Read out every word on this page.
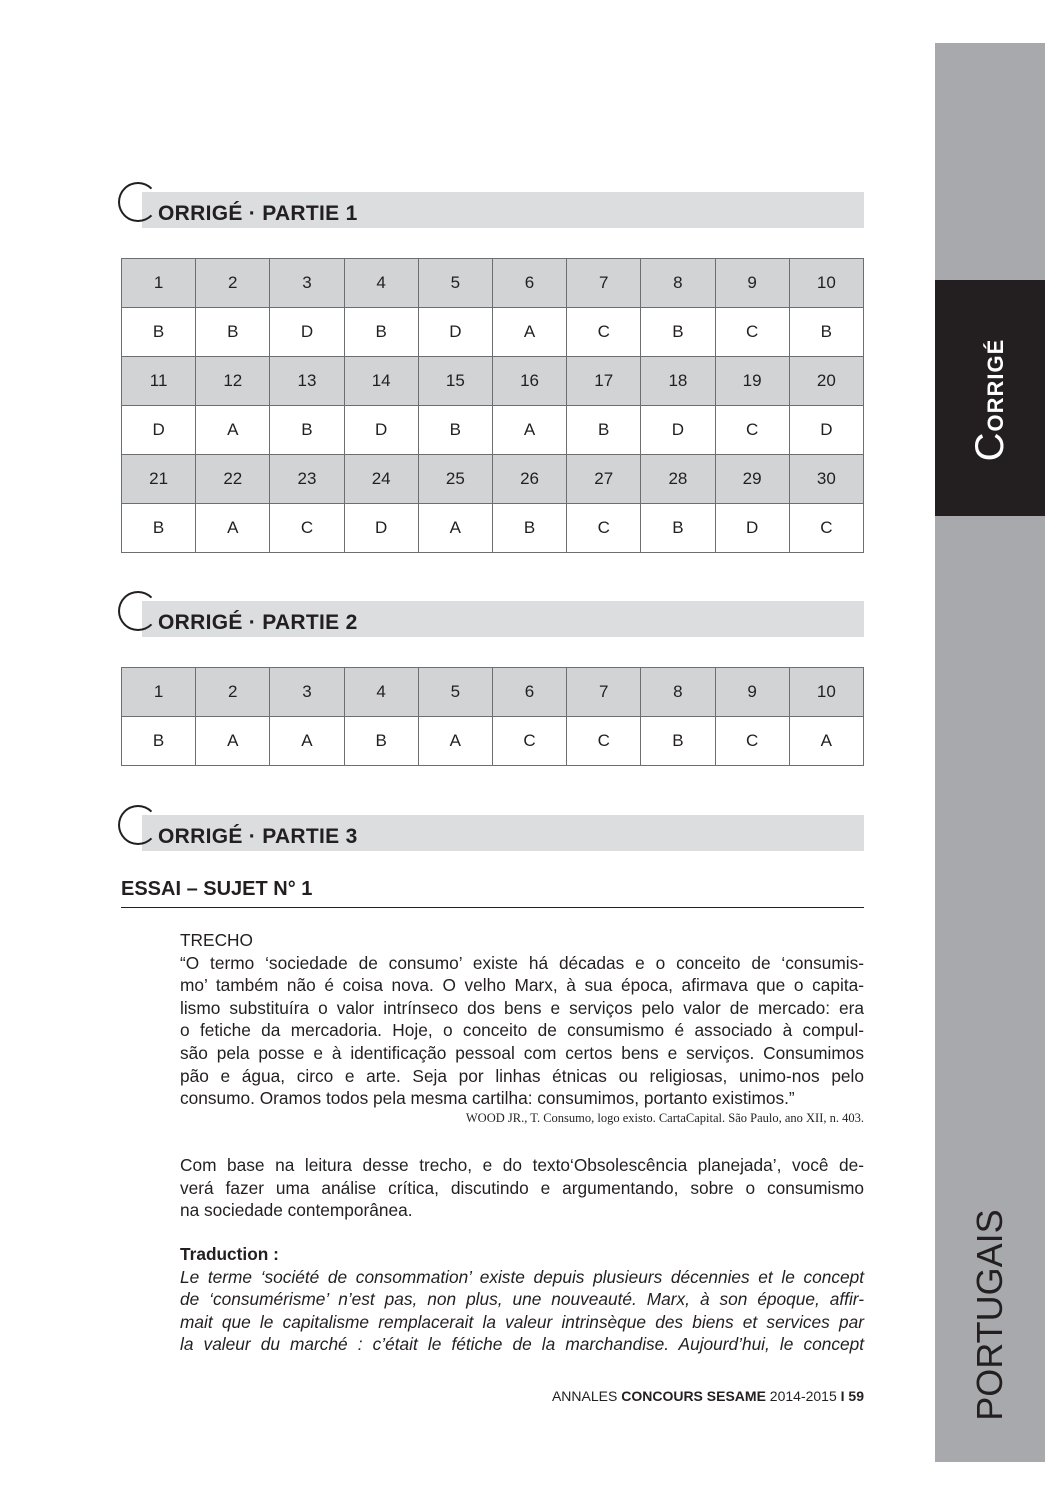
CORRIGÉ
PORTUGAIS
ORRIGÉ · PARTIE 1
1	2	3	4	5	6	7	8	9	10
B	B	D	B	D	A	C	B	C	B
11	12	13	14	15	16	17	18	19	20
D	A	B	D	B	A	B	D	C	D
21	22	23	24	25	26	27	28	29	30
B	A	C	D	A	B	C	B	D	C
ORRIGÉ · PARTIE 2
1	2	3	4	5	6	7	8	9	10
B	A	A	B	A	C	C	B	C	A
ORRIGÉ · PARTIE 3
ESSAI – SUJET N° 1
TRECHO
“O termo ‘sociedade de consumo’ existe há décadas e o conceito de ‘consumis-
mo’ também não é coisa nova. O velho Marx, à sua época, afirmava que o capita-
lismo substituíra o valor intrínseco dos bens e serviços pelo valor de mercado: era
o fetiche da mercadoria. Hoje, o conceito de consumismo é associado à compul-
são pela posse e à identificação pessoal com certos bens e serviços. Consumimos
pão e água, circo e arte. Seja por linhas étnicas ou religiosas, unimo-nos pelo
consumo. Oramos todos pela mesma cartilha: consumimos, portanto existimos.”
WOOD JR., T. Consumo, logo existo. CartaCapital. São Paulo, ano XII, n. 403.
Com base na leitura desse trecho, e do texto‘Obsolescência planejada’, você de-
verá fazer uma análise crítica, discutindo e argumentando, sobre o consumismo
na sociedade contemporânea.
Traduction :
Le terme ‘société de consommation’ existe depuis plusieurs décennies et le concept
de ‘consumérisme’ n’est pas, non plus, une nouveauté. Marx, à son époque, affir-
mait que le capitalisme remplacerait la valeur intrinsèque des biens et services par
la valeur du marché : c’était le fétiche de la marchandise. Aujourd’hui, le concept
ANNALES CONCOURS SESAME 2014-2015 I 59
